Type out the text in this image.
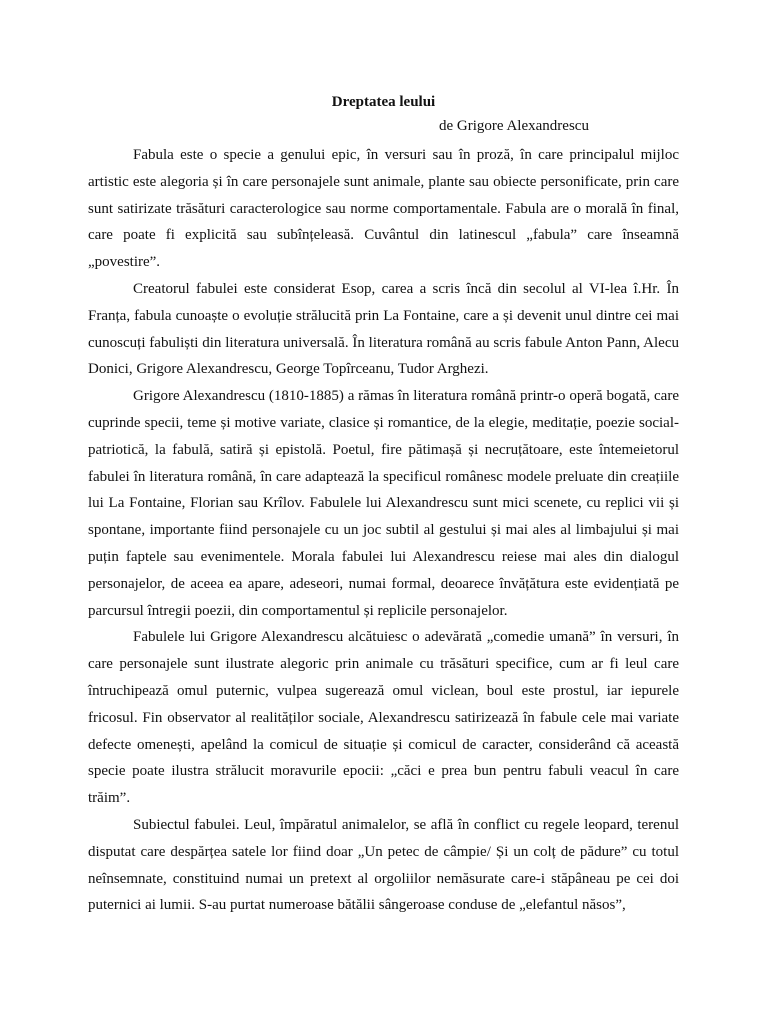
Dreptatea leului

de Grigore Alexandrescu

Fabula este o specie a genului epic, în versuri sau în proză, în care principalul mijloc artistic este alegoria și în care personajele sunt animale, plante sau obiecte personificate, prin care sunt satirizate trăsături caracterologice sau norme comportamentale. Fabula are o morală în final, care poate fi explicită sau subînțeleasă. Cuvântul din latinescul „fabula” care înseamnă „povestire”.

Creatorul fabulei este considerat Esop, carea a scris încă din secolul al VI-lea î.Hr. În Franța, fabula cunoaște o evoluție strălucită prin La Fontaine, care a și devenit unul dintre cei mai cunoscuți fabuliști din literatura universală. În literatura română au scris fabule Anton Pann, Alecu Donici, Grigore Alexandrescu, George Topîrceanu, Tudor Arghezi.

Grigore Alexandrescu (1810-1885) a rămas în literatura română printr-o operă bogată, care cuprinde specii, teme și motive variate, clasice și romantice, de la elegie, meditație, poezie social-patriotică, la fabulă, satiră și epistolă. Poetul, fire pătimașă și necruțătoare, este întemeietorul fabulei în literatura română, în care adaptează la specificul românesc modele preluate din creațiile lui La Fontaine, Florian sau Krîlov. Fabulele lui Alexandrescu sunt mici scenete, cu replici vii și spontane, importante fiind personajele cu un joc subtil al gestului și mai ales al limbajului și mai puțin faptele sau evenimentele. Morala fabulei lui Alexandrescu reiese mai ales din dialogul personajelor, de aceea ea apare, adeseori, numai formal, deoarece învățătura este evidențiată pe parcursul întregii poezii, din comportamentul și replicile personajelor.

Fabulele lui Grigore Alexandrescu alcătuiesc o adevărată „comedie umană” în versuri, în care personajele sunt ilustrate alegoric prin animale cu trăsături specifice, cum ar fi leul care întruchipează omul puternic, vulpea sugerează omul viclean, boul este prostul, iar iepurele fricosul. Fin observator al realităților sociale, Alexandrescu satirizează în fabule cele mai variate defecte omenești, apelând la comicul de situație și comicul de caracter, considerând că această specie poate ilustra strălucit moravurile epocii: „căci e prea bun pentru fabuli veacul în care trăim”.

Subiectul fabulei. Leul, împăratul animalelor, se află în conflict cu regele leopard, terenul disputat care despărțea satele lor fiind doar „Un petec de câmpie/ Și un colț de pădure” cu totul neînsemnate, constituind numai un pretext al orgoliilor nemăsurate care-i stăpâneau pe cei doi puternici ai lumii. S-au purtat numeroase bătălii sângeroase conduse de „elefantul năsos”,
